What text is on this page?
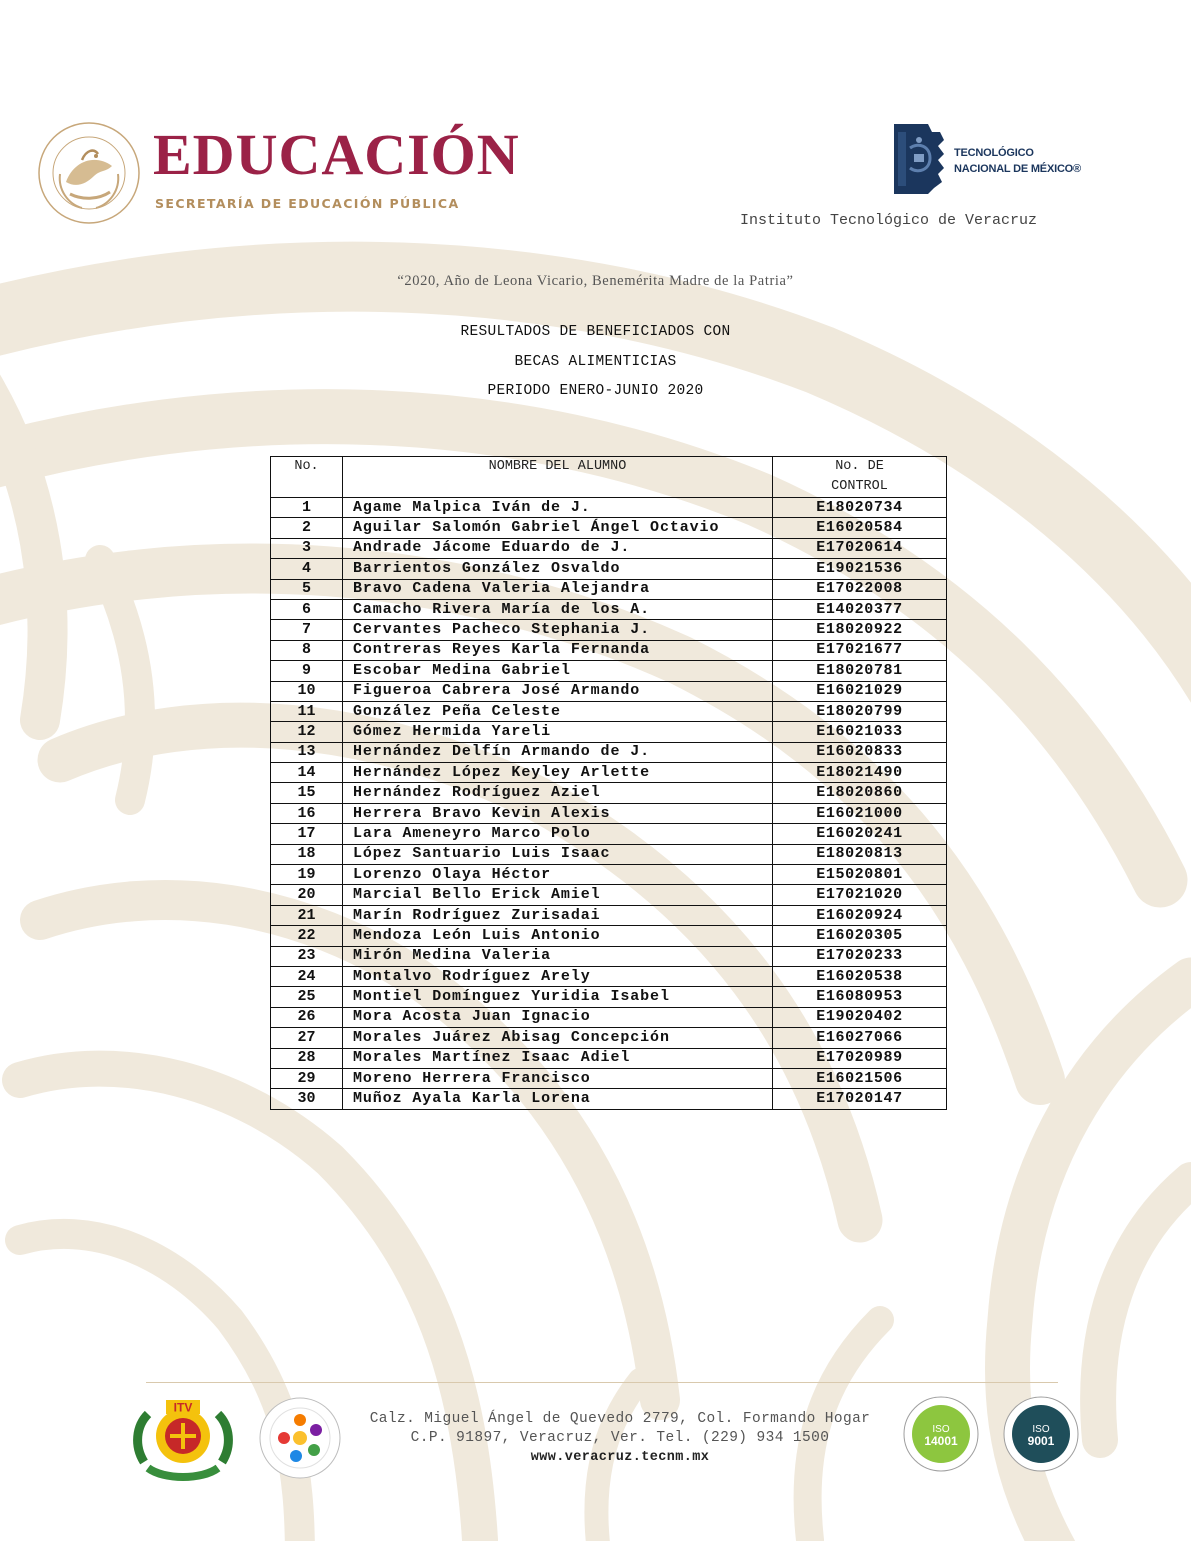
EDUCACIÓN
SECRETARÍA DE EDUCACIÓN PÚBLICA
TECNOLÓGICO
NACIONAL DE MÉXICO®
Instituto Tecnológico de Veracruz
“2020, Año de Leona Vicario, Benemérita Madre de la Patria”
RESULTADOS DE BENEFICIADOS CON
BECAS ALIMENTICIAS
PERIODO ENERO-JUNIO 2020
No.	NOMBRE DEL ALUMNO	No. DE
CONTROL
1	Agame Malpica Iván de J.	E18020734
2	Aguilar Salomón Gabriel Ángel Octavio	E16020584
3	Andrade Jácome Eduardo de J.	E17020614
4	Barrientos González Osvaldo	E19021536
5	Bravo Cadena Valeria Alejandra	E17022008
6	Camacho Rivera María de los A.	E14020377
7	Cervantes Pacheco Stephania J.	E18020922
8	Contreras Reyes Karla Fernanda	E17021677
9	Escobar Medina Gabriel	E18020781
10	Figueroa Cabrera José Armando	E16021029
11	González Peña Celeste	E18020799
12	Gómez Hermida Yareli	E16021033
13	Hernández Delfín Armando de J.	E16020833
14	Hernández López Keyley Arlette	E18021490
15	Hernández Rodríguez Aziel	E18020860
16	Herrera Bravo Kevin Alexis	E16021000
17	Lara Ameneyro Marco Polo	E16020241
18	López Santuario Luis Isaac	E18020813
19	Lorenzo Olaya Héctor	E15020801
20	Marcial Bello Erick Amiel	E17021020
21	Marín Rodríguez Zurisadai	E16020924
22	Mendoza León Luis Antonio	E16020305
23	Mirón Medina Valeria	E17020233
24	Montalvo Rodríguez Arely	E16020538
25	Montiel Domínguez Yuridia Isabel	E16080953
26	Mora Acosta Juan Ignacio	E19020402
27	Morales Juárez Abisag Concepción	E16027066
28	Morales Martínez Isaac Adiel	E17020989
29	Moreno Herrera Francisco	E16021506
30	Muñoz Ayala Karla Lorena	E17020147
ITV
Calz. Miguel Ángel de Quevedo 2779, Col. Formando Hogar
C.P. 91897, Veracruz, Ver. Tel. (229) 934 1500
www.veracruz.tecnm.mx
ISO
14001
ISO
9001
